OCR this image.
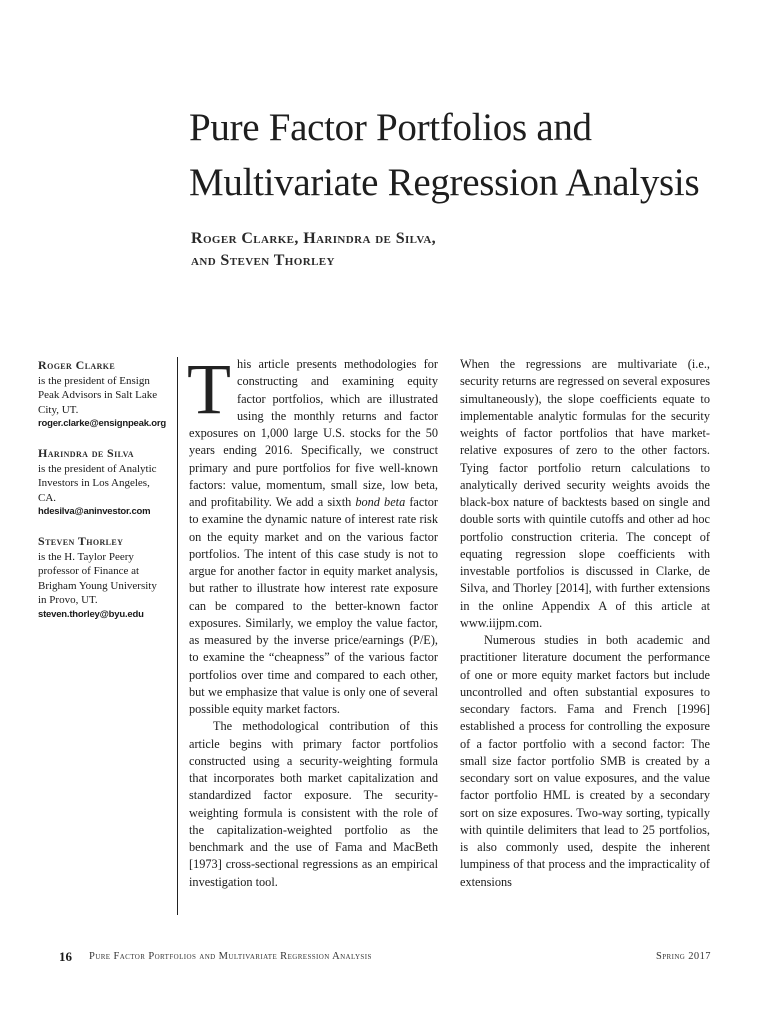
Pure Factor Portfolios and
Multivariate Regression Analysis
Roger Clarke, Harindra de Silva,
and Steven Thorley
Roger Clarke
is the president of Ensign Peak Advisors in Salt Lake City, UT.
roger.clarke@ensignpeak.org
Harindra de Silva
is the president of Analytic Investors in Los Angeles, CA.
hdesilva@aninvestor.com
Steven Thorley
is the H. Taylor Peery professor of Finance at Brigham Young University in Provo, UT.
steven.thorley@byu.edu

This article presents methodologies for constructing and examining equity factor portfolios, which are illustrated using the monthly returns and factor exposures on 1,000 large U.S. stocks for the 50 years ending 2016. Specifically, we construct primary and pure portfolios for five well-known factors: value, momentum, small size, low beta, and profitability. We add a sixth bond beta factor to examine the dynamic nature of interest rate risk on the equity market and on the various factor portfolios. The intent of this case study is not to argue for another factor in equity market analysis, but rather to illustrate how interest rate exposure can be compared to the better-known factor exposures. Similarly, we employ the value factor, as measured by the inverse price/earnings (P/E), to examine the “cheapness” of the various factor portfolios over time and compared to each other, but we emphasize that value is only one of several possible equity market factors.

The methodological contribution of this article begins with primary factor portfolios constructed using a security-weighting formula that incorporates both market capitalization and standardized factor exposure. The security-weighting formula is consistent with the role of the capitalization-weighted portfolio as the benchmark and the use of Fama and MacBeth [1973] cross-sectional regressions as an empirical investigation tool.

When the regressions are multivariate (i.e., security returns are regressed on several exposures simultaneously), the slope coefficients equate to implementable analytic formulas for the security weights of factor portfolios that have market-relative exposures of zero to the other factors. Tying factor portfolio return calculations to analytically derived security weights avoids the black-box nature of backtests based on single and double sorts with quintile cutoffs and other ad hoc portfolio construction criteria. The concept of equating regression slope coefficients with investable portfolios is discussed in Clarke, de Silva, and Thorley [2014], with further extensions in the online Appendix A of this article at www.iijpm.com.

Numerous studies in both academic and practitioner literature document the performance of one or more equity market factors but include uncontrolled and often substantial exposures to secondary factors. Fama and French [1996] established a process for controlling the exposure of a factor portfolio with a second factor: The small size factor portfolio SMB is created by a secondary sort on value exposures, and the value factor portfolio HML is created by a secondary sort on size exposures. Two-way sorting, typically with quintile delimiters that lead to 25 portfolios, is also commonly used, despite the inherent lumpiness of that process and the impracticality of extensions

16 Pure Factor Portfolios and Multivariate Regression Analysis	Spring 2017
